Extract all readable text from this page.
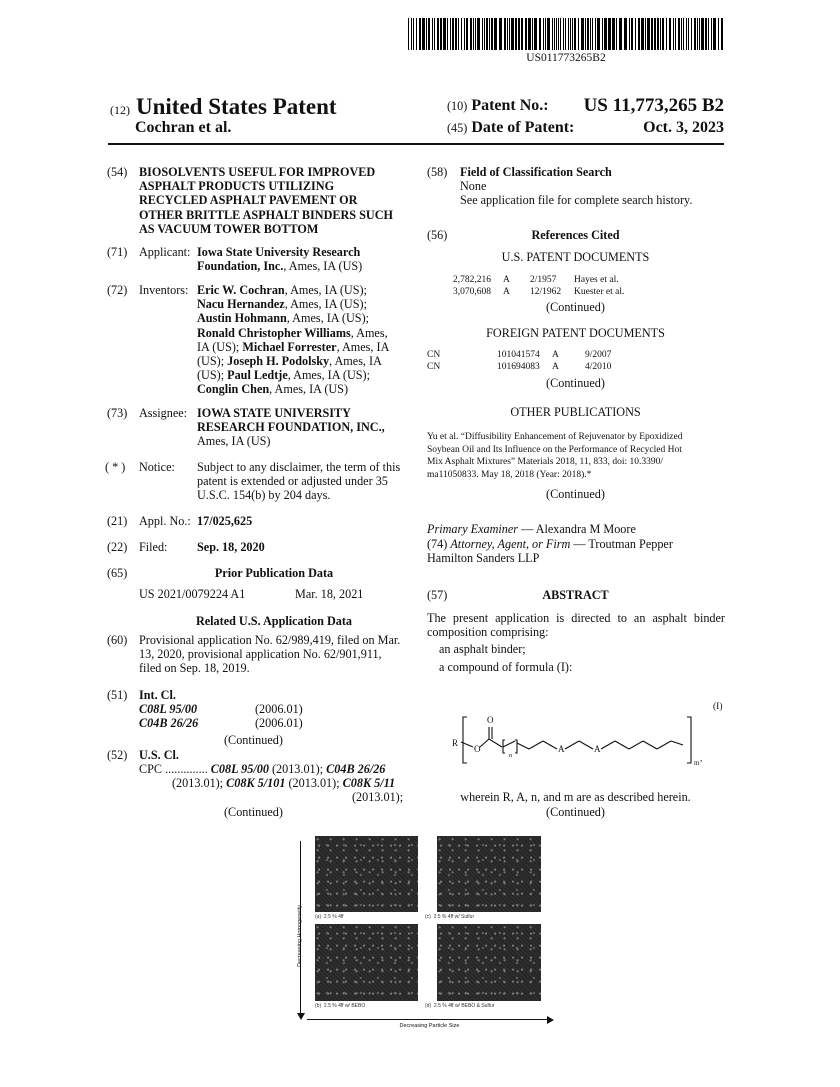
US011773265B2
(12) United States Patent
Cochran et al.
(10) Patent No.: US 11,773,265 B2
(45) Date of Patent:	Oct. 3, 2023
(54) BIOSOLVENTS USEFUL FOR IMPROVED
ASPHALT PRODUCTS UTILIZING
RECYCLED ASPHALT PAVEMENT OR
OTHER BRITTLE ASPHALT BINDERS SUCH
AS VACUUM TOWER BOTTOM
(71) Applicant: Iowa State University Research
Foundation, Inc., Ames, IA (US)
(72) Inventors: Eric W. Cochran, Ames, IA (US);
Nacu Hernandez, Ames, IA (US);
Austin Hohmann, Ames, IA (US);
Ronald Christopher Williams, Ames,
IA (US); Michael Forrester, Ames, IA
(US); Joseph H. Podolsky, Ames, IA
(US); Paul Ledtje, Ames, IA (US);
Conglin Chen, Ames, IA (US)
(73) Assignee: IOWA STATE UNIVERSITY
RESEARCH FOUNDATION, INC.,
Ames, IA (US)
( * ) Notice: Subject to any disclaimer, the term of this
patent is extended or adjusted under 35
U.S.C. 154(b) by 204 days.
(21) Appl. No.: 17/025,625
(22) Filed: Sep. 18, 2020
(65)	Prior Publication Data
US 2021/0079224 A1	Mar. 18, 2021
Related U.S. Application Data
(60) Provisional application No. 62/989,419, filed on Mar.
13, 2020, provisional application No. 62/901,911,
filed on Sep. 18, 2019.
(51) Int. Cl.
C08L 95/00	(2006.01)
C04B 26/26	(2006.01)
(Continued)
(52) U.S. Cl.
CPC .............. C08L 95/00 (2013.01); C04B 26/26
(2013.01); C08K 5/101 (2013.01); C08K 5/11
(2013.01);
(Continued)
(58) Field of Classification Search
None
See application file for complete search history.
(56)	References Cited
U.S. PATENT DOCUMENTS
2,782,216 A 2/1957 Hayes et al.
3,070,608 A 12/1962 Kuester et al.
(Continued)
FOREIGN PATENT DOCUMENTS
CN	101041574 A	9/2007
CN	101694083 A	4/2010
(Continued)
OTHER PUBLICATIONS
Yu et al. “Diffusibility Enhancement of Rejuvenator by Epoxidized
Soybean Oil and Its Influence on the Performance of Recycled Hot
Mix Asphalt Mixtures” Materials 2018, 11, 833, doi: 10.3390/
ma11050833. May 18, 2018 (Year: 2018).*
(Continued)
Primary Examiner — Alexandra M Moore
(74) Attorney, Agent, or Firm — Troutman Pepper
Hamilton Sanders LLP
(57)	ABSTRACT
The present application is directed to an asphalt binder
composition comprising:
an asphalt binder;
a compound of formula (I):
(I)
R
O
O
n
A	A
m ,
wherein R, A, n, and m are as described herein.
(Continued)
Decreasing Homogeneity
Decreasing Particle Size
(a) 2.5 % 4ff	(c) 2.5 % 4ff w/ Sulfur
(b) 2.5 % 4ff w/ BEBO	(d) 2.5 % 4ff w/ BEBO & Sulfur
